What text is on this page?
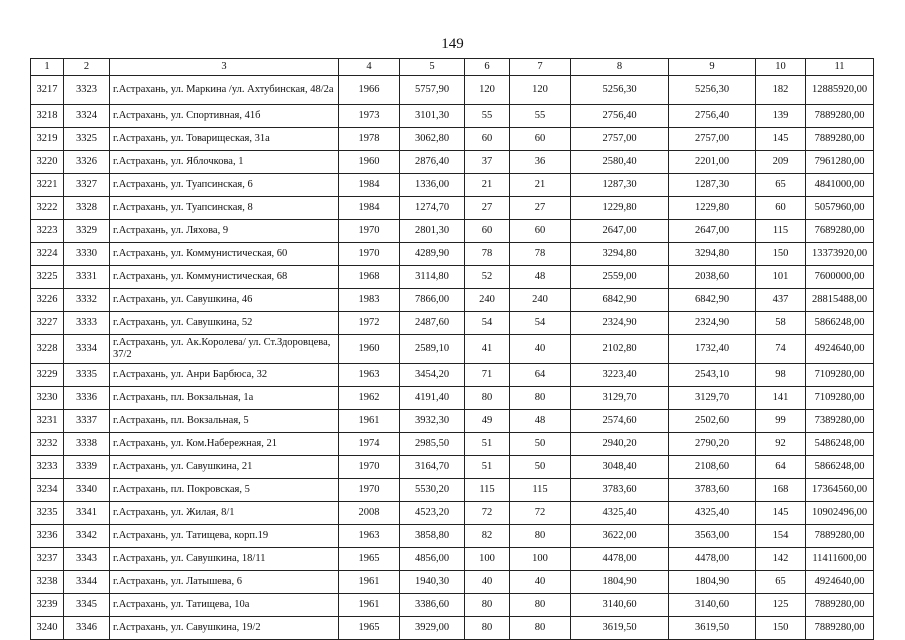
149
1	2	3	4	5	6	7	8	9	10	11
3217	3323	г.Астрахань, ул. Маркина /ул. Ахтубинская, 48/2а	1966	5757,90	120	120	5256,30	5256,30	182	12885920,00
3218	3324	г.Астрахань, ул. Спортивная, 41б	1973	3101,30	55	55	2756,40	2756,40	139	7889280,00
3219	3325	г.Астрахань, ул. Товарищеская, 31а	1978	3062,80	60	60	2757,00	2757,00	145	7889280,00
3220	3326	г.Астрахань, ул. Яблочкова, 1	1960	2876,40	37	36	2580,40	2201,00	209	7961280,00
3221	3327	г.Астрахань, ул. Туапсинская, 6	1984	1336,00	21	21	1287,30	1287,30	65	4841000,00
3222	3328	г.Астрахань, ул. Туапсинская, 8	1984	1274,70	27	27	1229,80	1229,80	60	5057960,00
3223	3329	г.Астрахань, ул. Ляхова, 9	1970	2801,30	60	60	2647,00	2647,00	115	7689280,00
3224	3330	г.Астрахань, ул. Коммунистическая, 60	1970	4289,90	78	78	3294,80	3294,80	150	13373920,00
3225	3331	г.Астрахань, ул. Коммунистическая, 68	1968	3114,80	52	48	2559,00	2038,60	101	7600000,00
3226	3332	г.Астрахань, ул. Савушкина, 46	1983	7866,00	240	240	6842,90	6842,90	437	28815488,00
3227	3333	г.Астрахань, ул. Савушкина, 52	1972	2487,60	54	54	2324,90	2324,90	58	5866248,00
3228	3334	г.Астрахань, ул. Ак.Королева/ ул. Ст.Здоровцева, 37/2	1960	2589,10	41	40	2102,80	1732,40	74	4924640,00
3229	3335	г.Астрахань, ул. Анри Барбюса, 32	1963	3454,20	71	64	3223,40	2543,10	98	7109280,00
3230	3336	г.Астрахань, пл. Вокзальная, 1а	1962	4191,40	80	80	3129,70	3129,70	141	7109280,00
3231	3337	г.Астрахань, пл. Вокзальная, 5	1961	3932,30	49	48	2574,60	2502,60	99	7389280,00
3232	3338	г.Астрахань, ул. Ком.Набережная, 21	1974	2985,50	51	50	2940,20	2790,20	92	5486248,00
3233	3339	г.Астрахань, ул. Савушкина, 21	1970	3164,70	51	50	3048,40	2108,60	64	5866248,00
3234	3340	г.Астрахань, пл. Покровская, 5	1970	5530,20	115	115	3783,60	3783,60	168	17364560,00
3235	3341	г.Астрахань, ул. Жилая, 8/1	2008	4523,20	72	72	4325,40	4325,40	145	10902496,00
3236	3342	г.Астрахань, ул. Татищева, корп.19	1963	3858,80	82	80	3622,00	3563,00	154	7889280,00
3237	3343	г.Астрахань, ул. Савушкина, 18/11	1965	4856,00	100	100	4478,00	4478,00	142	11411600,00
3238	3344	г.Астрахань, ул. Латышева, 6	1961	1940,30	40	40	1804,90	1804,90	65	4924640,00
3239	3345	г.Астрахань, ул. Татищева, 10а	1961	3386,60	80	80	3140,60	3140,60	125	7889280,00
3240	3346	г.Астрахань, ул. Савушкина, 19/2	1965	3929,00	80	80	3619,50	3619,50	150	7889280,00
